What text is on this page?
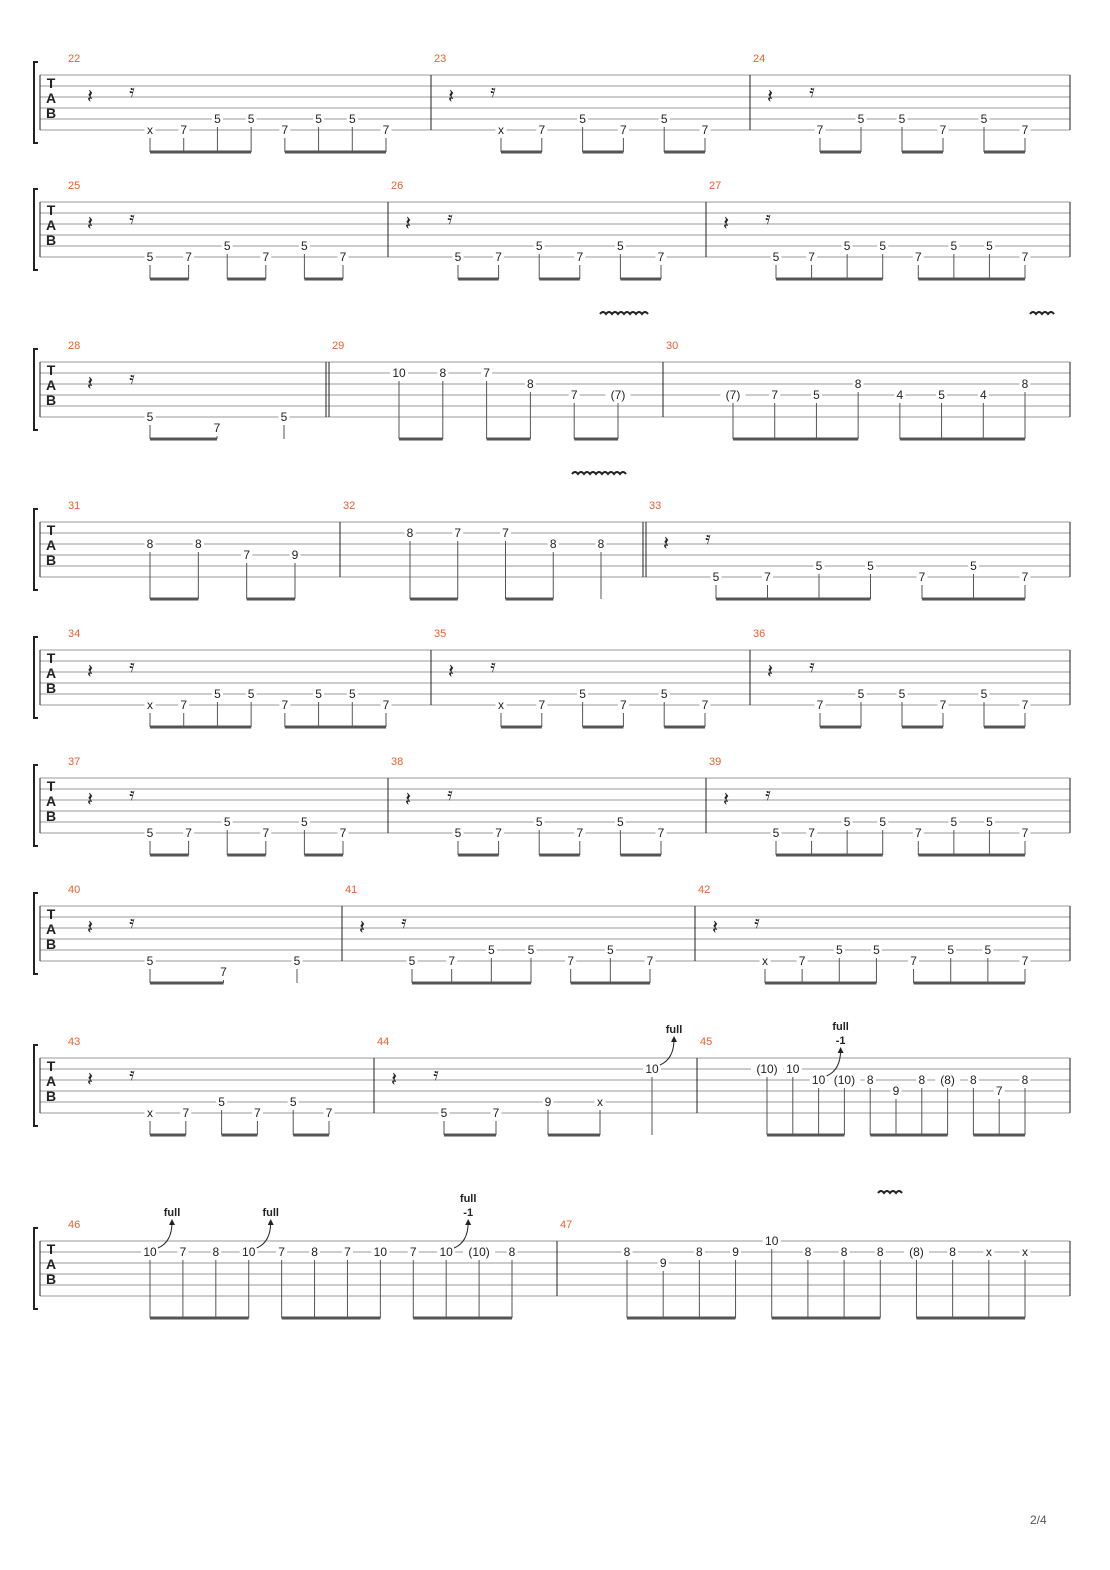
T
A
B
22
𝄽 𝄿
x 7
5 5
7
5 5
7
23
𝄽 𝄿
x	7
5
7
5
7
24
𝄽 𝄿
7
5	5
7
5
7
T
A
B
25
𝄽 𝄿
5	7
5
7
5
7
26
𝄽 𝄿
5	7
5
7
5
7
27
𝄽 𝄿
5 7
5 5
7
5 5
7
T
A
B
28
𝄽 𝄿
5
7
5
29
10	8	7
8
7	(7)
30
(7)	7	5
8
4	5	4
8
T
A
B
31
8	8
7	9
32
8	7	7
8	8
33
𝄽 𝄿
5	7
5	5
7
5
7
T
A
B
34
𝄽 𝄿
x 7
5 5
7
5 5
7
35
𝄽 𝄿
x	7
5
7
5
7
36
𝄽 𝄿
7
5	5
7
5
7
T
A
B
37
𝄽 𝄿
5	7
5
7
5
7
38
𝄽 𝄿
5	7
5
7
5
7
39
𝄽 𝄿
5 7
5 5
7
5 5
7
T
A
B
40
𝄽 𝄿
5
7
5
41
𝄽 𝄿
5	7
5	5
7
5
7
42
𝄽 𝄿
x	7
5	5
7
5	5
7
T
A
B
43
𝄽 𝄿
x 7
5
7
5
7
44
𝄽 𝄿
5	7
9	x
10
45
(10) 10
10 (10) 8
9
8 (8) 8
7
8
T
A
B
46
10 7 8 10 7 8 7 10 7 10 (10) 8
47
8
9
8 9
10
8 8 8 (8) 8 x	x
full	full
-1
full	full
full
-1
2/4
